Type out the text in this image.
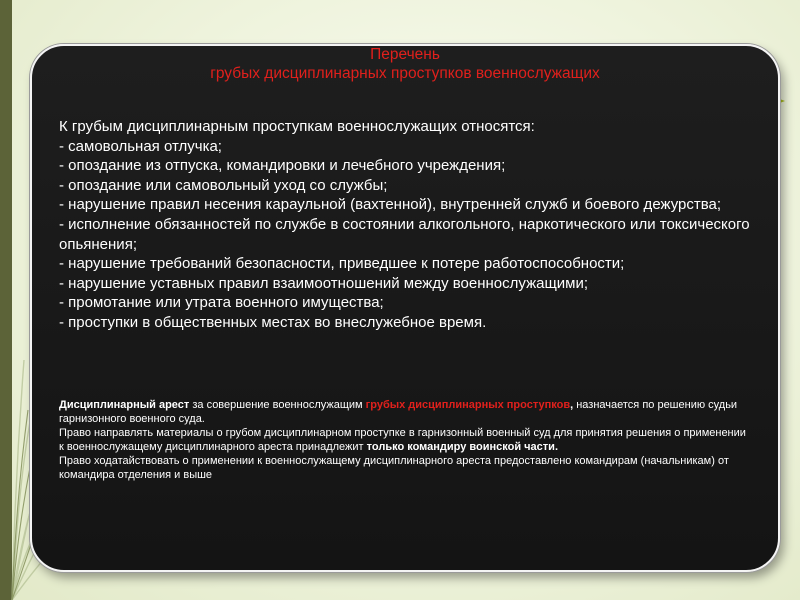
Перечень
грубых дисциплинарных проступков военнослужащих
К грубым дисциплинарным проступкам военнослужащих относятся:
- самовольная отлучка;
- опоздание из отпуска, командировки и лечебного учреждения;
- опоздание или самовольный уход со службы;
- нарушение правил несения караульной (вахтенной), внутренней служб и боевого дежурства;
- исполнение обязанностей по службе в состоянии алкогольного, наркотического или токсического опьянения;
- нарушение требований безопасности, приведшее к потере работоспособности;
- нарушение уставных правил взаимоотношений между военнослужащими;
- промотание или утрата военного имущества;
- проступки в общественных местах во внеслужебное время.

Дисциплинарный арест за совершение военнослужащим грубых дисциплинарных проступков, назначается по решению судьи гарнизонного военного суда.

Право направлять материалы о грубом дисциплинарном проступке в гарнизонный военный суд для принятия решения о применении к военнослужащему дисциплинарного ареста принадлежит только командиру воинской части.

Право ходатайствовать о применении к военнослужащему дисциплинарного ареста предоставлено командирам (начальникам) от командира отделения и выше
